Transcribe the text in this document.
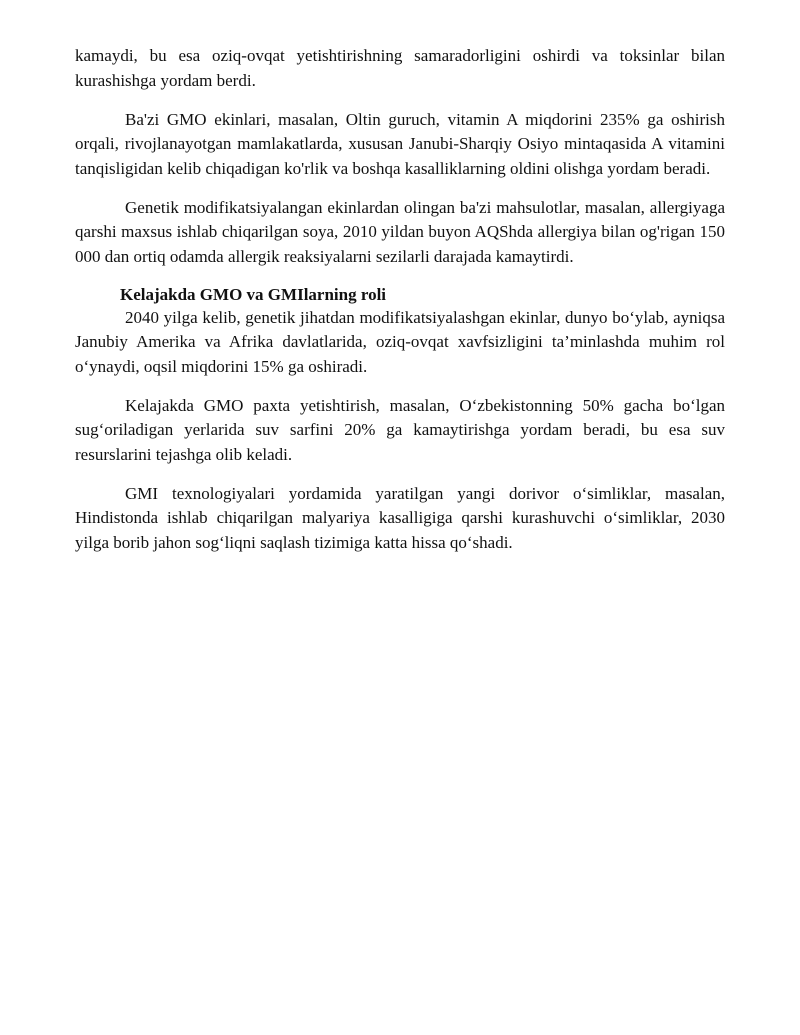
kamaydi, bu esa oziq-ovqat yetishtirishning samaradorligini oshirdi va toksinlar bilan kurashishga yordam berdi.

Ba'zi GMO ekinlari, masalan, Oltin guruch, vitamin A miqdorini 235% ga oshirish orqali, rivojlanayotgan mamlakatlarda, xususan Janubi-Sharqiy Osiyo mintaqasida A vitamini tanqisligidan kelib chiqadigan ko'rlik va boshqa kasalliklarning oldini olishga yordam beradi.

Genetik modifikatsiyalangan ekinlardan olingan ba'zi mahsulotlar, masalan, allergiyaga qarshi maxsus ishlab chiqarilgan soya, 2010 yildan buyon AQShda allergiya bilan og'rigan 150 000 dan ortiq odamda allergik reaksiyalarni sezilarli darajada kamaytirdi.

Kelajakda GMO va GMIlarning roli

2040 yilga kelib, genetik jihatdan modifikatsiyalashgan ekinlar, dunyo bo‘ylab, ayniqsa Janubiy Amerika va Afrika davlatlarida, oziq-ovqat xavfsizligini ta’minlashda muhim rol o‘ynaydi, oqsil miqdorini 15% ga oshiradi.

Kelajakda GMO paxta yetishtirish, masalan, O‘zbekistonning 50% gacha bo‘lgan sug‘oriladigan yerlarida suv sarfini 20% ga kamaytirishga yordam beradi, bu esa suv resurslarini tejashga olib keladi.

GMI texnologiyalari yordamida yaratilgan yangi dorivor o‘simliklar, masalan, Hindistonda ishlab chiqarilgan malyariya kasalligiga qarshi kurashuvchi o‘simliklar, 2030 yilga borib jahon sog‘liqni saqlash tizimiga katta hissa qo‘shadi.
